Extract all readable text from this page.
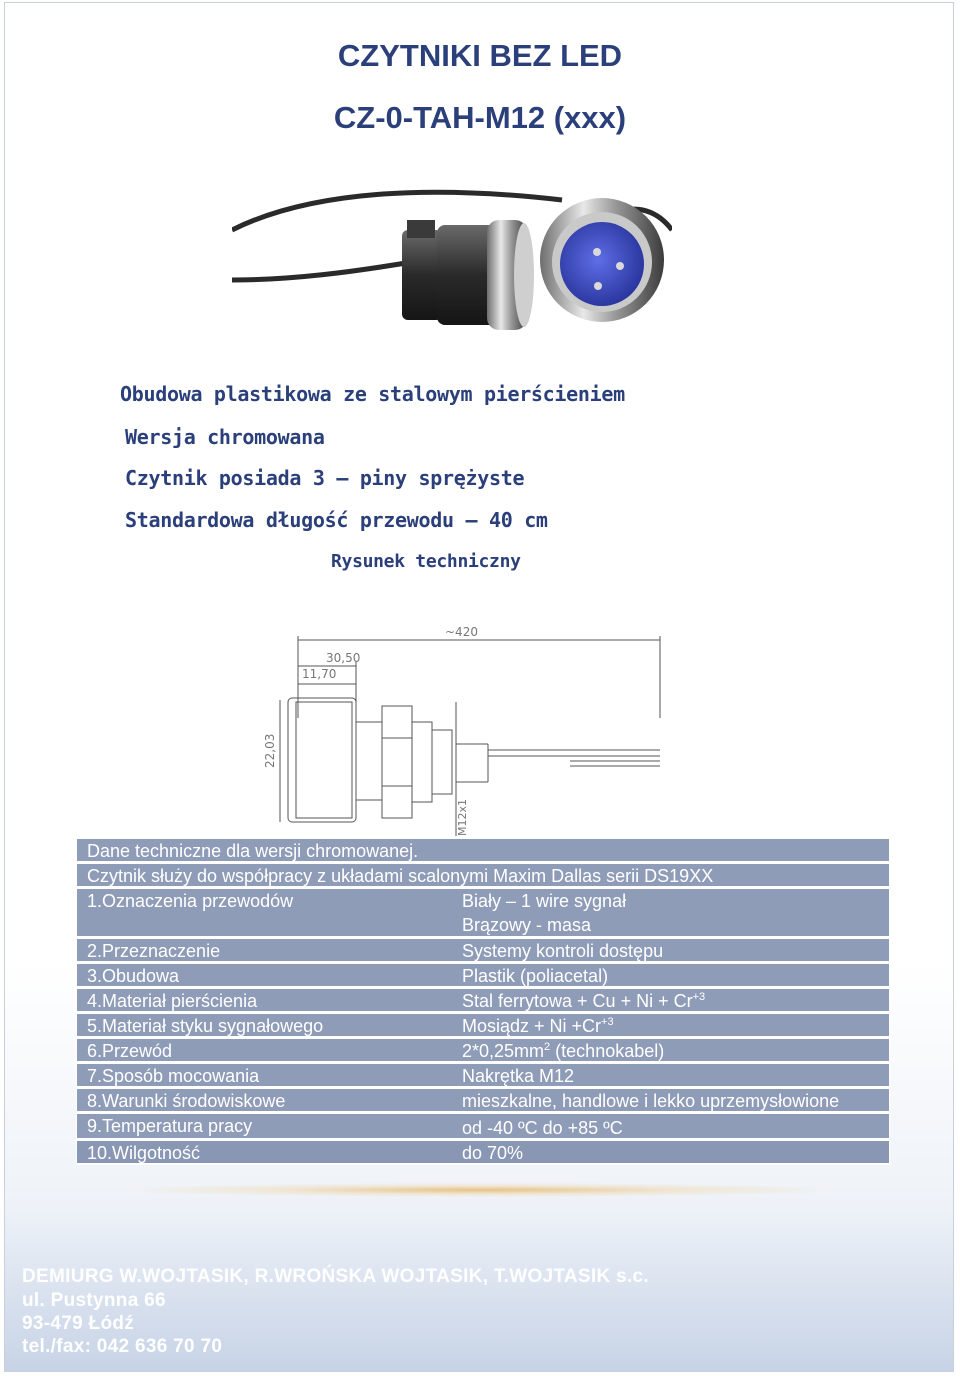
CZYTNIKI BEZ LED
CZ-0-TAH-M12 (xxx)
Obudowa plastikowa ze stalowym pierścieniem
Wersja chromowana
Czytnik posiada 3 – piny sprężyste
Standardowa długość przewodu – 40 cm
Rysunek techniczny
~420
30,50
11,70
22,03
M12x1
Dane techniczne dla wersji chromowanej.
Czytnik służy do współpracy z układami scalonymi Maxim Dallas serii DS19XX
1.Oznaczenia przewodów	Biały – 1 wire sygnał
Brązowy - masa
2.Przeznaczenie	Systemy kontroli dostępu
3.Obudowa	Plastik (poliacetal)
4.Materiał pierścienia	Stal ferrytowa + $Cu + Ni + Cr^{+3}$
5.Materiał styku sygnałowego	Mosiądz + $Ni +Cr^{+3}$
6.Przewód	$2*0,25mm^2$ (technokabel)
7.Sposób mocowania	Nakrętka M12
8.Warunki środowiskowe	mieszkalne, handlowe i lekko uprzemysłowione
9.Temperatura pracy	od -40 ºC do +85 ºC
10.Wilgotność	do 70%
DEMIURG W.WOJTASIK, R.WROŃSKA WOJTASIK, T.WOJTASIK s.c.
ul. Pustynna 66
93-479 Łódź
tel./fax: 042 636 70 70
